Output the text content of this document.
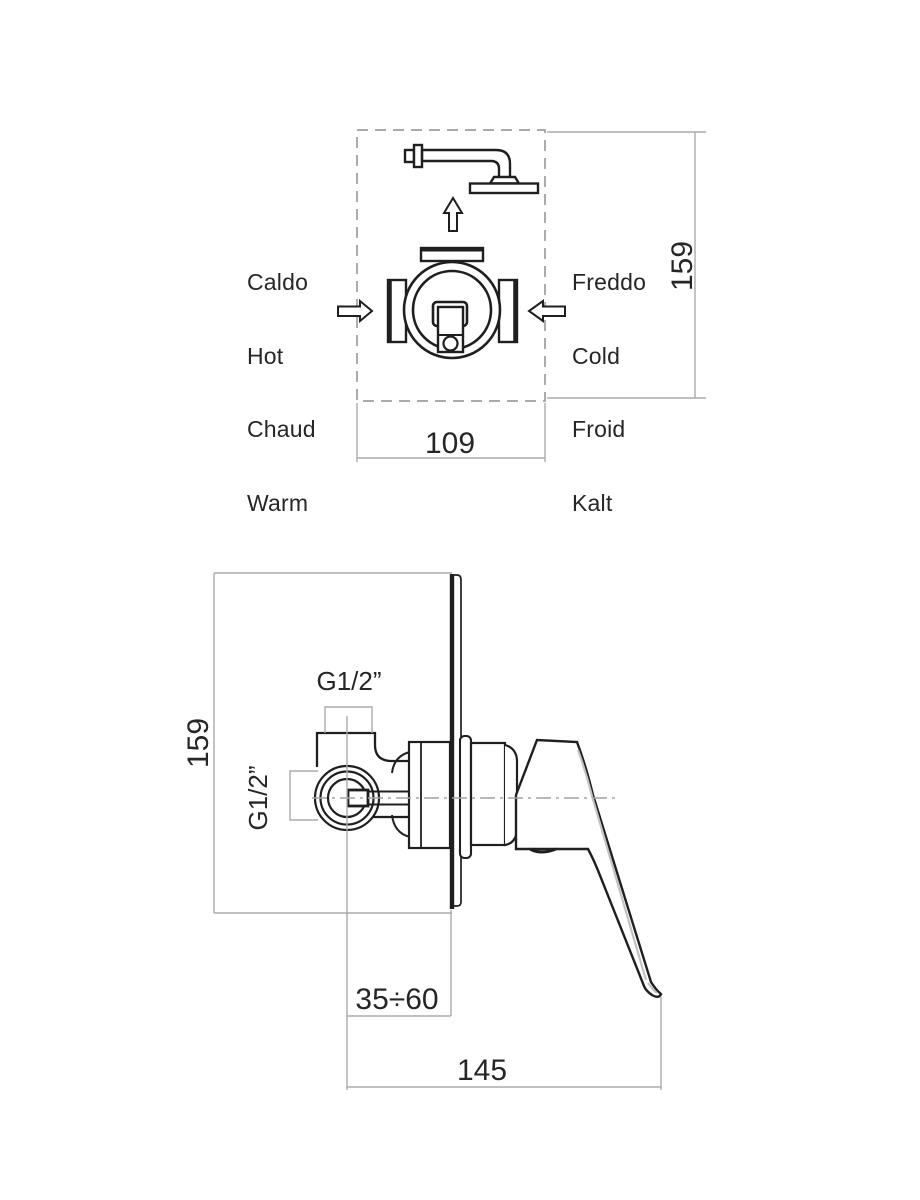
Caldo

Hot

Chaud

Warm

Freddo

Cold

Froid

Kalt

159
109
159
G1/2”
G1/2”
35÷60
145
